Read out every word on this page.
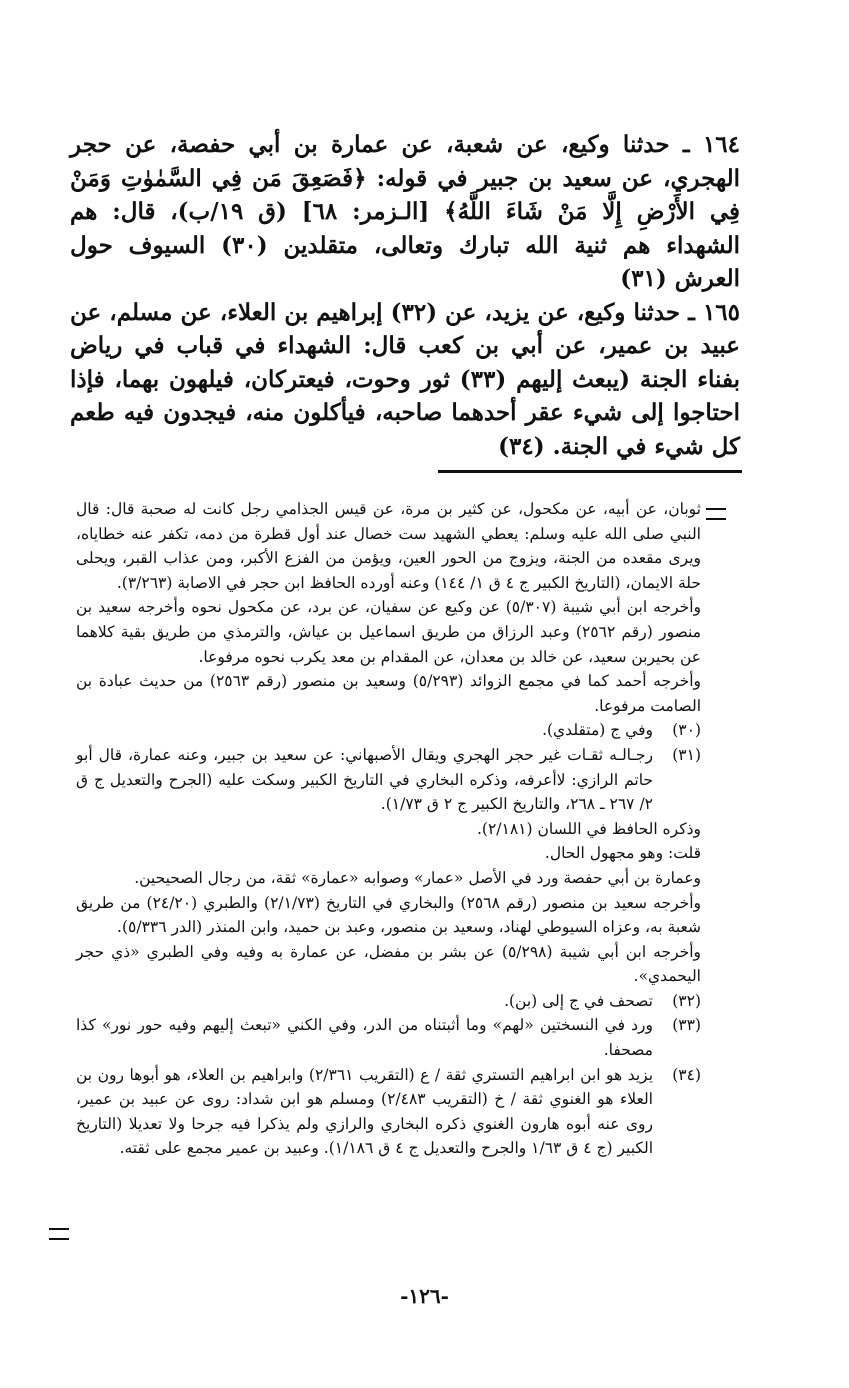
١٦٤ ـ حدثنا وكيع، عن شعبة، عن عمارة بن أبي حفصة، عن حجر الهجري، عن سعيد بن جبير في قوله: ﴿فَصَعِقَ مَن فِي السَّمٰوٰتِ وَمَنْ فِي الأَرْضِ إِلَّا مَنْ شَاءَ اللَّهُ﴾ [الـزمر: ٦٨] (ق ١٩/ب)، قال: هم الشهداء هم ثنية الله تبارك وتعالى، متقلدين (٣٠) السيوف حول العرش (٣١)

١٦٥ ـ حدثنا وكيع، عن يزيد، عن (٣٢) إبراهيم بن العلاء، عن مسلم، عن عبيد بن عمير، عن أبي بن كعب قال: الشهداء في قباب في رياض بفناء الجنة (يبعث إليهم (٣٣) ثور وحوت، فيعتركان، فيلهون بهما، فإذا احتاجوا إلى شيء عقر أحدهما صاحبه، فيأكلون منه، فيجدون فيه طعم كل شيء في الجنة. (٣٤)

ثوبان، عن أبيه، عن مكحول، عن كثير بن مرة، عن قيس الجذامي رجل كانت له صحبة قال: قال النبي صلى الله عليه وسلم: يعطي الشهيد ست خصال عند أول قطرة من دمه، تكفر عنه خطاياه، ويرى مقعده من الجنة، ويزوج من الحور العين، ويؤمن من الفزع الأكبر، ومن عذاب القبر، ويحلى حلة الايمان، (التاريخ الكبير ج ٤ ق ١/ ١٤٤) وعنه أورده الحافظ ابن حجر في الاصابة (٣/٢٦٣).

وأخرجه ابن أبي شيبة (٥/٣٠٧) عن وكيع عن سفيان، عن برد، عن مكحول نحوه وأخرجه سعيد بن منصور (رقم ٢٥٦٢) وعبد الرزاق من طريق اسماعيل بن عياش، والترمذي من طريق بقية كلاهما عن بحيربن سعيد، عن خالد بن معدان، عن المقدام بن معد يكرب نحوه مرفوعا.

وأخرجه أحمد كما في مجمع الزوائد (٥/٢٩٣) وسعيد بن منصور (رقم ٢٥٦٣) من حديث عبادة بن الصامت مرفوعا.

(٣٠)
وفي ج (متقلدي).

(٣١)
رجـالـه ثقـات غير حجر الهجري ويقال الأصبهاني: عن سعيد بن جبير، وعنه عمارة، قال أبو حاتم الرازي: لاأعرفه، وذكره البخاري في التاريخ الكبير وسكت عليه (الجرح والتعديل ج ق ٢/ ٢٦٧ ـ ٢٦٨، والتاريخ الكبير ج ٢ ق ١/٧٣).

وذكره الحافظ في اللسان (٢/١٨١).

قلت: وهو مجهول الحال.

وعمارة بن أبي حفصة ورد في الأصل «عمار» وصوابه «عمارة» ثقة، من رجال الصحيحين.

وأخرجه سعيد بن منصور (رقم ٢٥٦٨) والبخاري في التاريخ (٢/١/٧٣) والطبري (٢٤/٢٠) من طريق شعبة به، وعزاه السيوطي لهناد، وسعيد بن منصور، وعبد بن حميد، وابن المنذر (الدر ٥/٣٣٦).

وأخرجه ابن أبي شيبة (٥/٢٩٨) عن بشر بن مفضل، عن عمارة به وفيه وفي الطبري «ذي حجر اليحمدي».

(٣٢)
تصحف في ج إلى (بن).

(٣٣)
ورد في النسختين «لهم» وما أثبتناه من الدر، وفي الكني «تبعث إليهم وفيه حور نور» كذا مصحفا.

(٣٤)
يزيد هو ابن ابراهيم التستري ثقة / ع (التقريب ٢/٣٦١) وابراهيم بن العلاء، هو أبوها رون بن العلاء هو الغنوي ثقة / خ (التقريب ٢/٤٨٣) ومسلم هو ابن شداد: روى عن عبيد بن عمير، روى عنه أبوه هارون الغنوي ذكره البخاري والرازي ولم يذكرا فيه جرحا ولا تعديلا (التاريخ الكبير (ج ٤ ق ١/٦٣ والجرح والتعديل ج ٤ ق ١/١٨٦). وعبيد بن عمير مجمع على ثقته.

-١٢٦-
